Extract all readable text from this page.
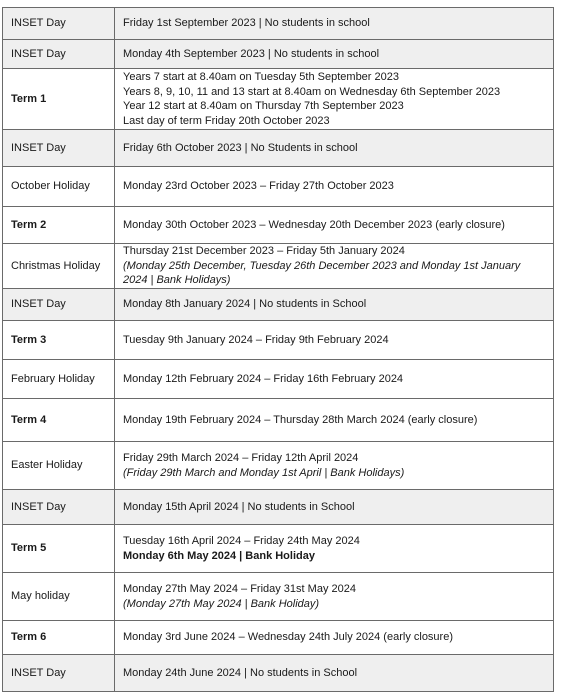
INSET Day	Friday 1st September 2023 | No students in school

INSET Day	Monday 4th September 2023 | No students in school

Term 1	Years 7 start at 8.40am on Tuesday 5th September 2023
Years 8, 9, 10, 11 and 13 start at 8.40am on Wednesday 6th September 2023
Year 12 start at 8.40am on Thursday 7th September 2023
Last day of term Friday 20th October 2023

INSET Day	Friday 6th October 2023 | No Students in school

October Holiday	Monday 23rd October 2023 – Friday 27th October 2023

Term 2	Monday 30th October 2023 – Wednesday 20th December 2023 (early closure)

Christmas Holiday	Thursday 21st December 2023 – Friday 5th January 2024
(Monday 25th December, Tuesday 26th December 2023 and Monday 1st January 2024 | Bank Holidays)

INSET Day	Monday 8th January 2024 | No students in School

Term 3	Tuesday 9th January 2024 – Friday 9th February 2024

February Holiday	Monday 12th February 2024 – Friday 16th February 2024

Term 4	Monday 19th February 2024 – Thursday 28th March 2024 (early closure)

Easter Holiday	Friday 29th March 2024 – Friday 12th April 2024
(Friday 29th March and Monday 1st April | Bank Holidays)

INSET Day	Monday 15th April 2024 | No students in School

Term 5	Tuesday 16th April 2024 – Friday 24th May 2024
Monday 6th May 2024 | Bank Holiday

May holiday	Monday 27th May 2024 – Friday 31st May 2024
(Monday 27th May 2024 | Bank Holiday)

Term 6	Monday 3rd June 2024 – Wednesday 24th July 2024 (early closure)

INSET Day	Monday 24th June 2024 | No students in School
